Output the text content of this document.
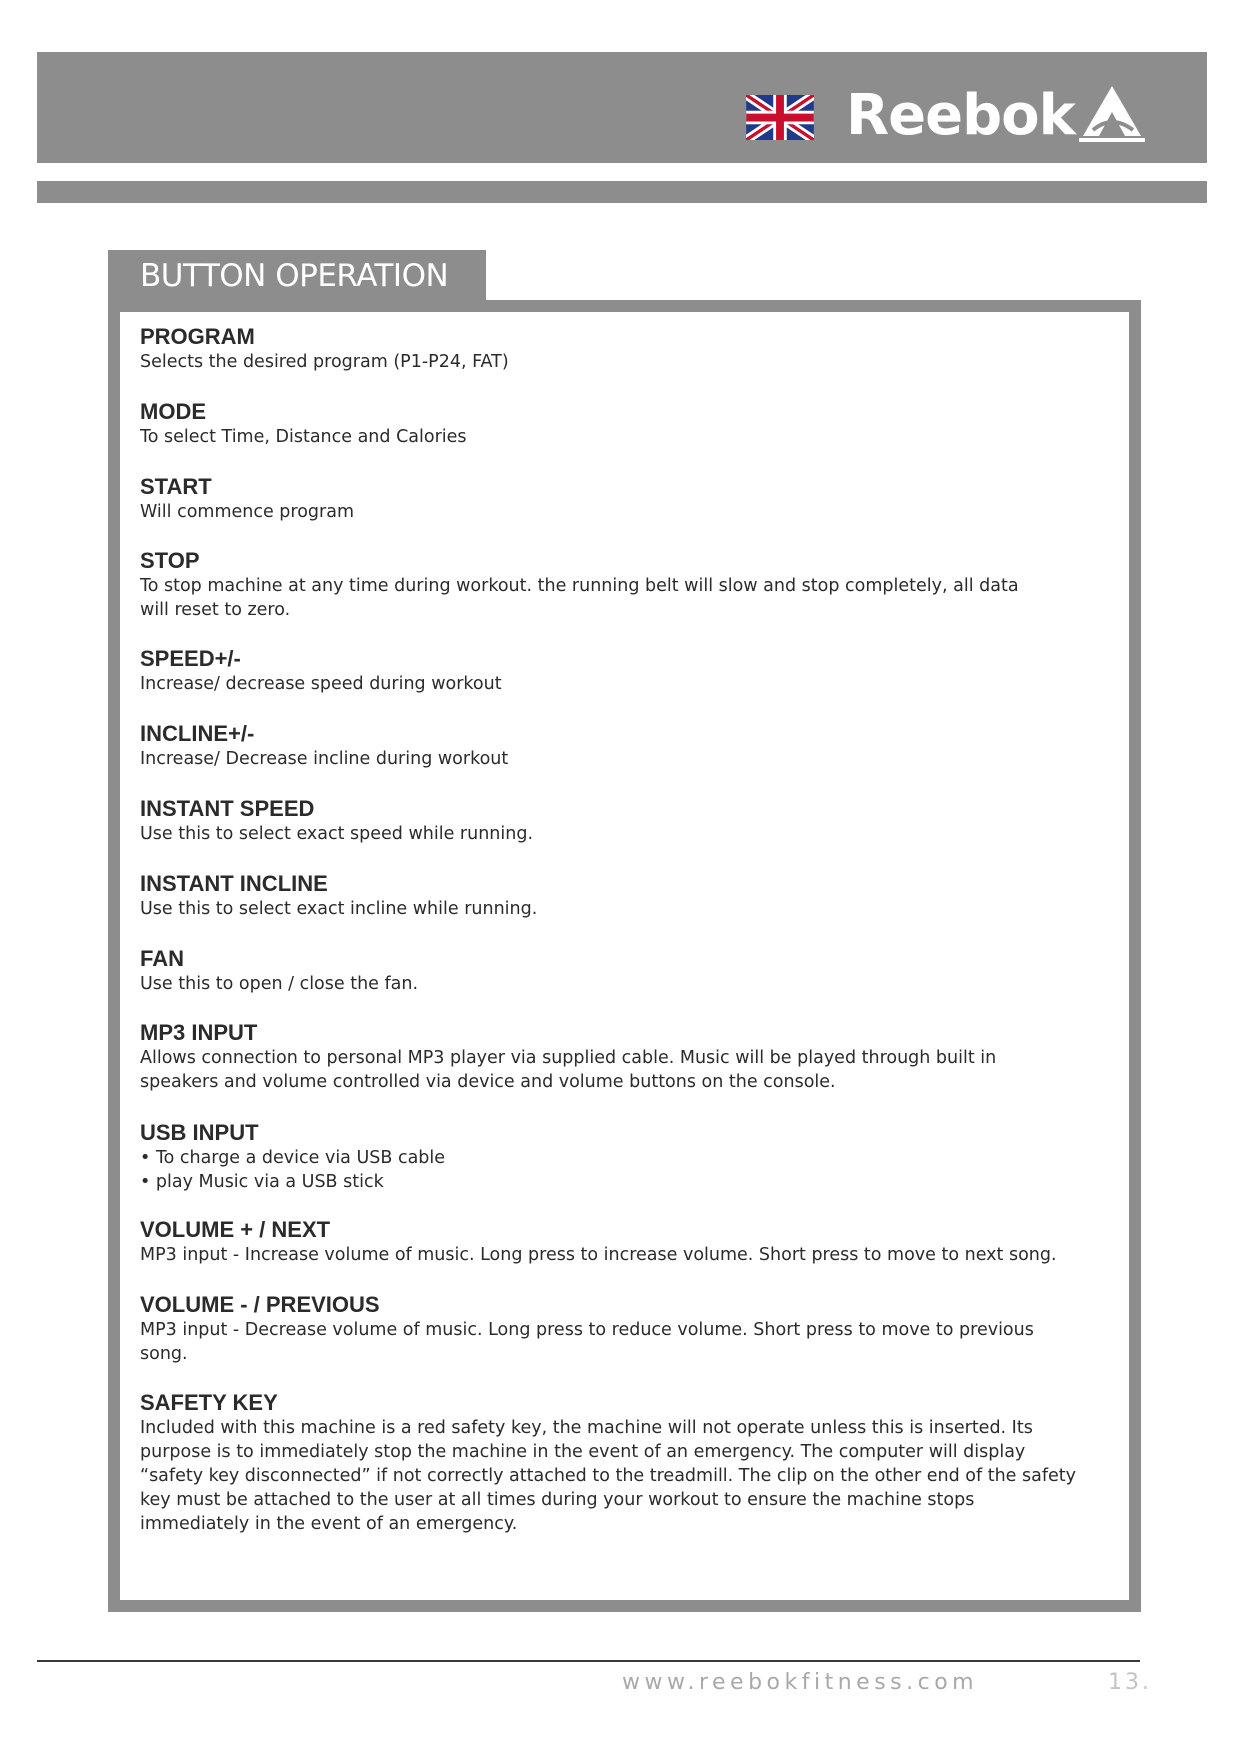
Reebok
BUTTON OPERATION
PROGRAM
Selects the desired program (P1-P24, FAT)
MODE
To select Time, Distance and Calories
START
Will commence program
STOP
To stop machine at any time during workout. the running belt will slow and stop completely, all data
will reset to zero.
SPEED+/-
Increase/ decrease speed during workout
INCLINE+/-
Increase/ Decrease incline during workout
INSTANT SPEED
Use this to select exact speed while running.
INSTANT INCLINE
Use this to select exact incline while running.
FAN
Use this to open / close the fan.
MP3 INPUT
Allows connection to personal MP3 player via supplied cable. Music will be played through built in
speakers and volume controlled via device and volume buttons on the console.
USB INPUT
• To charge a device via USB cable
• play Music via a USB stick
VOLUME + / NEXT
MP3 input - Increase volume of music. Long press to increase volume. Short press to move to next song.
VOLUME - / PREVIOUS
MP3 input - Decrease volume of music. Long press to reduce volume. Short press to move to previous
song.
SAFETY KEY
Included with this machine is a red safety key, the machine will not operate unless this is inserted. Its
purpose is to immediately stop the machine in the event of an emergency. The computer will display
“safety key disconnected” if not correctly attached to the treadmill. The clip on the other end of the safety
key must be attached to the user at all times during your workout to ensure the machine stops
immediately in the event of an emergency.
www.reebokfitness.com	13.
